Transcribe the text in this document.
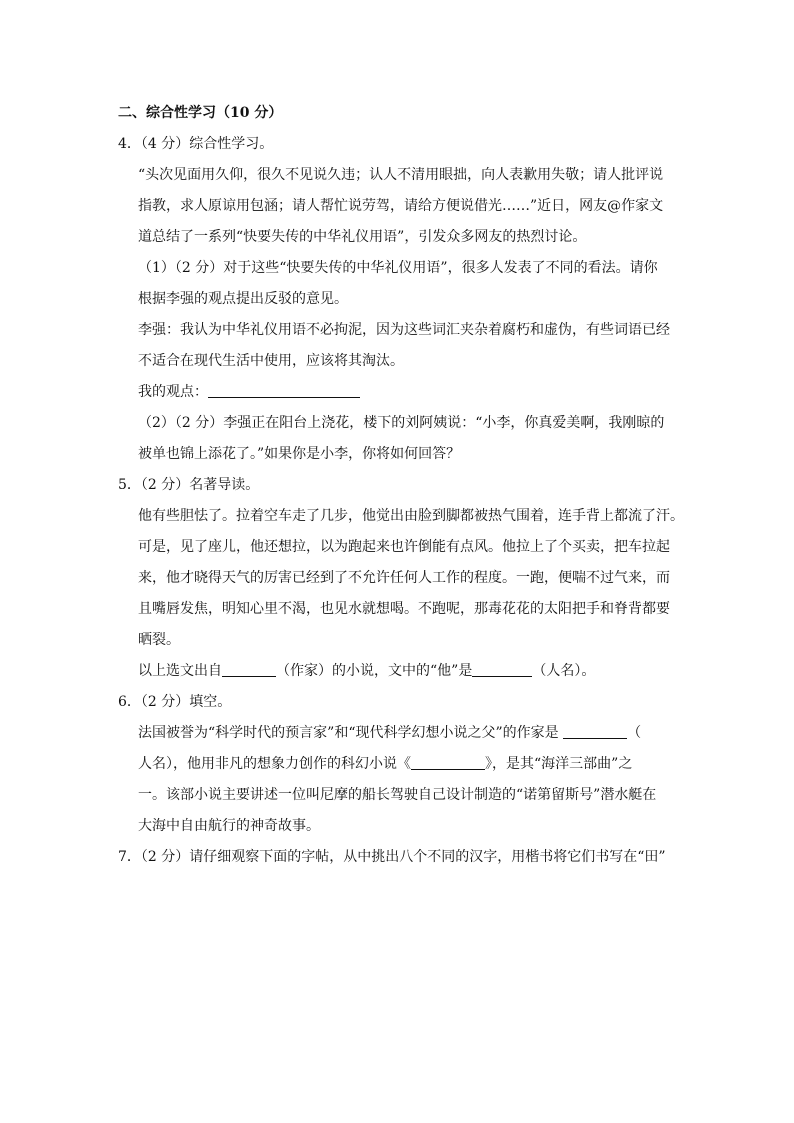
二、综合性学习（10 分）
4．（4 分）综合性学习。
“头次见面用久仰，很久不见说久违；认人不清用眼拙，向人表歉用失敬；请人批评说
指教，求人原谅用包涵；请人帮忙说劳驾，请给方便说借光……”近日，网友@作家文
道总结了一系列“快要失传的中华礼仪用语”，引发众多网友的热烈讨论。
（1）（2 分）对于这些“快要失传的中华礼仪用语”，很多人发表了不同的看法。请你
根据李强的观点提出反驳的意见。
李强：我认为中华礼仪用语不必拘泥，因为这些词汇夹杂着腐朽和虚伪，有些词语已经
不适合在现代生活中使用，应该将其淘汰。
我的观点：
（2）（2 分）李强正在阳台上浇花，楼下的刘阿姨说：“小李，你真爱美啊，我刚晾的
被单也锦上添花了。”如果你是小李，你将如何回答？
5．（2 分）名著导读。
他有些胆怯了。拉着空车走了几步，他觉出由脸到脚都被热气围着，连手背上都流了汗。
可是，见了座儿，他还想拉，以为跑起来也许倒能有点风。他拉上了个买卖，把车拉起
来，他才晓得天气的厉害已经到了不允许任何人工作的程度。一跑，便喘不过气来，而
且嘴唇发焦，明知心里不渴，也见水就想喝。不跑呢，那毒花花的太阳把手和脊背都要
晒裂。
以上选文出自	（作家）的小说，文中的“他”是	（人名）。
6．（2 分）填空。
法国被誉为“科学时代的预言家”和“现代科学幻想小说之父”的作家是	（
人名），他用非凡的想象力创作的科幻小说《	》，是其“海洋三部曲”之
一。该部小说主要讲述一位叫尼摩的船长驾驶自己设计制造的“诺第留斯号”潜水艇在
大海中自由航行的神奇故事。
7．（2 分）请仔细观察下面的字帖，从中挑出八个不同的汉字，用楷书将它们书写在“田”
